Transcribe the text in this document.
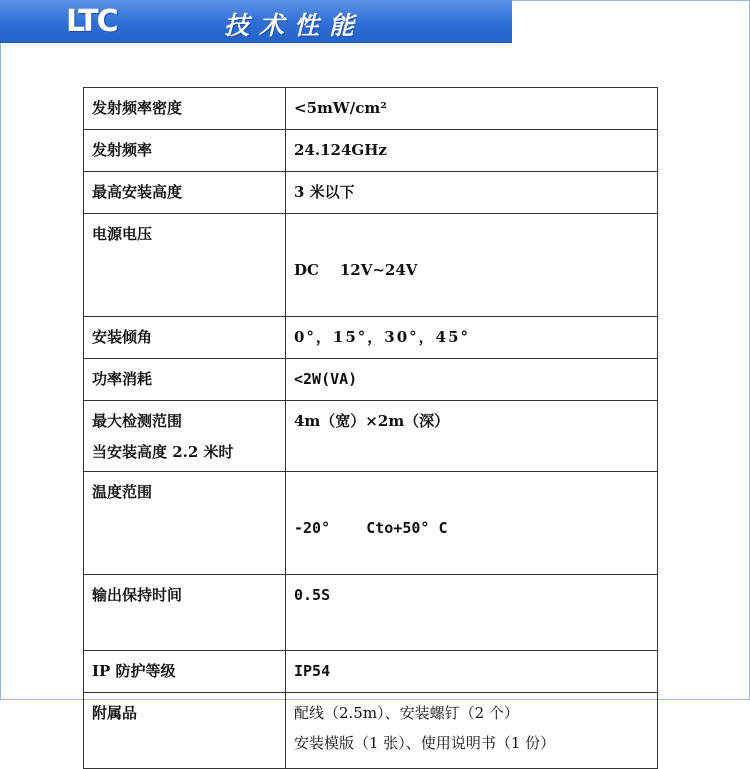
LTC	技术性能
发射频率密度	<5mW/cm²

发射频率	24.124GHz

最高安装高度	3 米以下

电源电压	DC    12V~24V

安装倾角	0°，15°，30°，45°

功率消耗	<2W(VA)

最大检测范围
当安装高度 2.2 米时	4m（宽）×2m（深）

温度范围	-20°    Cto+50° C

输出保持时间	0.5S

IP 防护等级	IP54

附属品	配线（2.5m）、安装螺钉（2 个）
安装模版（1 张）、使用说明书（1 份）
